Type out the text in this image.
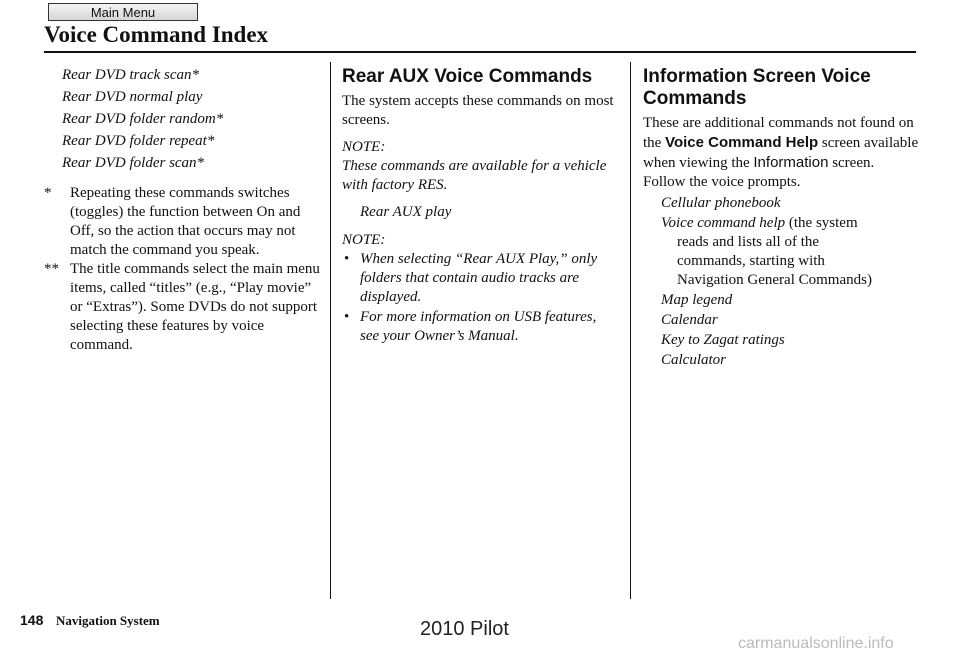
Main Menu
Voice Command Index
Rear DVD track scan*
Rear DVD normal play
Rear DVD folder random*
Rear DVD folder repeat*
Rear DVD folder scan*
* Repeating these commands switches (toggles) the function between On and Off, so the action that occurs may not match the command you speak.
** The title commands select the main menu items, called “titles” (e.g., “Play movie” or “Extras”). Some DVDs do not support selecting these features by voice command.
Rear AUX Voice Commands

The system accepts these commands on most screens.

NOTE:
These commands are available for a vehicle with factory RES.
Rear AUX play
NOTE:
• When selecting “Rear AUX Play,” only folders that contain audio tracks are displayed.
• For more information on USB features, see your Owner’s Manual.
Information Screen Voice Commands

These are additional commands not found on the Voice Command Help screen available when viewing the Information screen. Follow the voice prompts.

Cellular phonebook
Voice command help (the system
reads and lists all of the
commands, starting with
Navigation General Commands)
Map legend
Calendar
Key to Zagat ratings
Calculator
148 Navigation System	2010 Pilot
carmanualsonline.info
